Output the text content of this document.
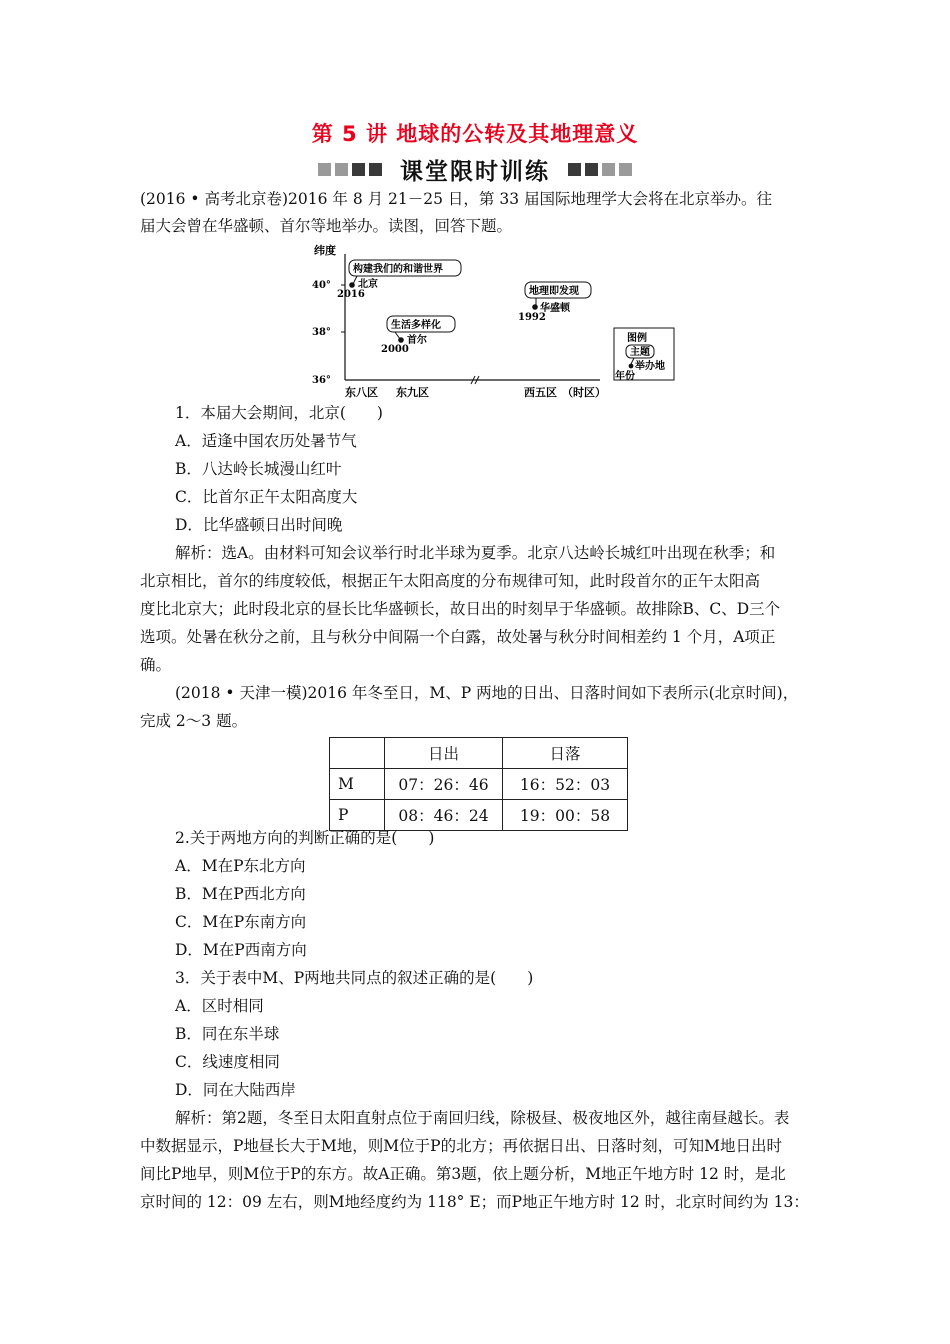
第 5 讲 地球的公转及其地理意义
课堂限时训练

(2016 • 高考北京卷)2016 年 8 月 21－25 日，第 33 届国际地理学大会将在北京举办。往

届大会曾在华盛顿、首尔等地举办。读图，回答下题。

纬度
40°
38°
36°
东八区 东九区	西五区 （时区）
构建我们的和谐世界
北京
2016
生活多样化
首尔
2000
地理即发现
华盛顿
1992
图例
主题
举办地
年份

1．本届大会期间，北京(　　)

A．适逢中国农历处暑节气

B．八达岭长城漫山红叶

C．比首尔正午太阳高度大

D．比华盛顿日出时间晚

解析：选A。由材料可知会议举行时北半球为夏季。北京八达岭长城红叶出现在秋季；和

北京相比，首尔的纬度较低，根据正午太阳高度的分布规律可知，此时段首尔的正午太阳高

度比北京大；此时段北京的昼长比华盛顿长，故日出的时刻早于华盛顿。故排除B、C、D三个

选项。处暑在秋分之前，且与秋分中间隔一个白露，故处暑与秋分时间相差约 1 个月，A项正

确。

(2018 • 天津一模)2016 年冬至日，M、P 两地的日出、日落时间如下表所示(北京时间)，

完成 2～3 题。

	日出	日落
M	07：26：46	16：52：03
P	08：46：24	19：00：58

2.关于两地方向的判断正确的是(　　)

A．M在P东北方向

B．M在P西北方向

C．M在P东南方向

D．M在P西南方向

3．关于表中M、P两地共同点的叙述正确的是(　　)

A．区时相同

B．同在东半球

C．线速度相同

D．同在大陆西岸

解析：第2题，冬至日太阳直射点位于南回归线，除极昼、极夜地区外，越往南昼越长。表

中数据显示，P地昼长大于M地，则M位于P的北方；再依据日出、日落时刻，可知M地日出时

间比P地早，则M位于P的东方。故A正确。第3题，依上题分析，M地正午地方时 12 时，是北

京时间的 12：09 左右，则M地经度约为 118° E；而P地正午地方时 12 时，北京时间约为 13：
